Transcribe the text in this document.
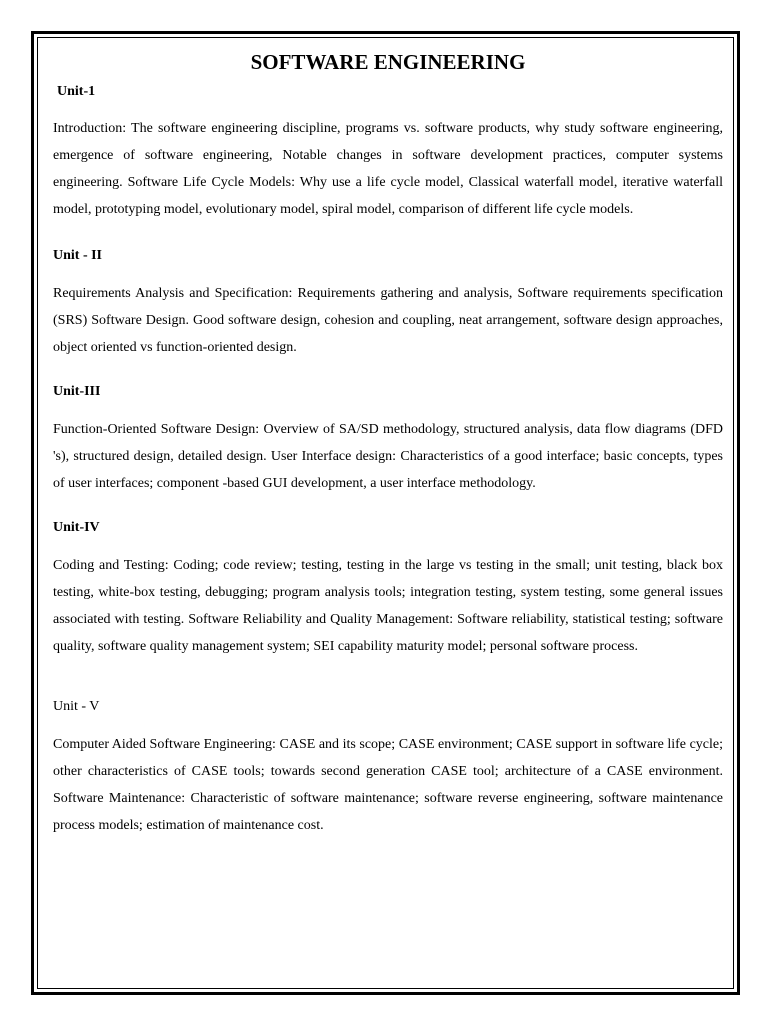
SOFTWARE ENGINEERING

Unit-1

Introduction: The software engineering discipline, programs vs. software products, why study software engineering, emergence of software engineering, Notable changes in software development practices, computer systems engineering. Software Life Cycle Models: Why use a life cycle model, Classical waterfall model, iterative waterfall model, prototyping model, evolutionary model, spiral model, comparison of different life cycle models.

Unit - II

Requirements Analysis and Specification: Requirements gathering and analysis, Software requirements specification (SRS) Software Design. Good software design, cohesion and coupling, neat arrangement, software design approaches, object oriented vs function-oriented design.

Unit-III

Function-Oriented Software Design: Overview of SA/SD methodology, structured analysis, data flow diagrams (DFD 's), structured design, detailed design. User Interface design: Characteristics of a good interface; basic concepts, types of user interfaces; component -based GUI development, a user interface methodology.

Unit-IV

Coding and Testing: Coding; code review; testing, testing in the large vs testing in the small; unit testing, black box testing, white-box testing, debugging; program analysis tools; integration testing, system testing, some general issues associated with testing. Software Reliability and Quality Management: Software reliability, statistical testing; software quality, software quality management system; SEI capability maturity model; personal software process.

Unit - V

Computer Aided Software Engineering: CASE and its scope; CASE environment; CASE support in software life cycle; other characteristics of CASE tools; towards second generation CASE tool; architecture of a CASE environment. Software Maintenance: Characteristic of software maintenance; software reverse engineering, software maintenance process models; estimation of maintenance cost.
